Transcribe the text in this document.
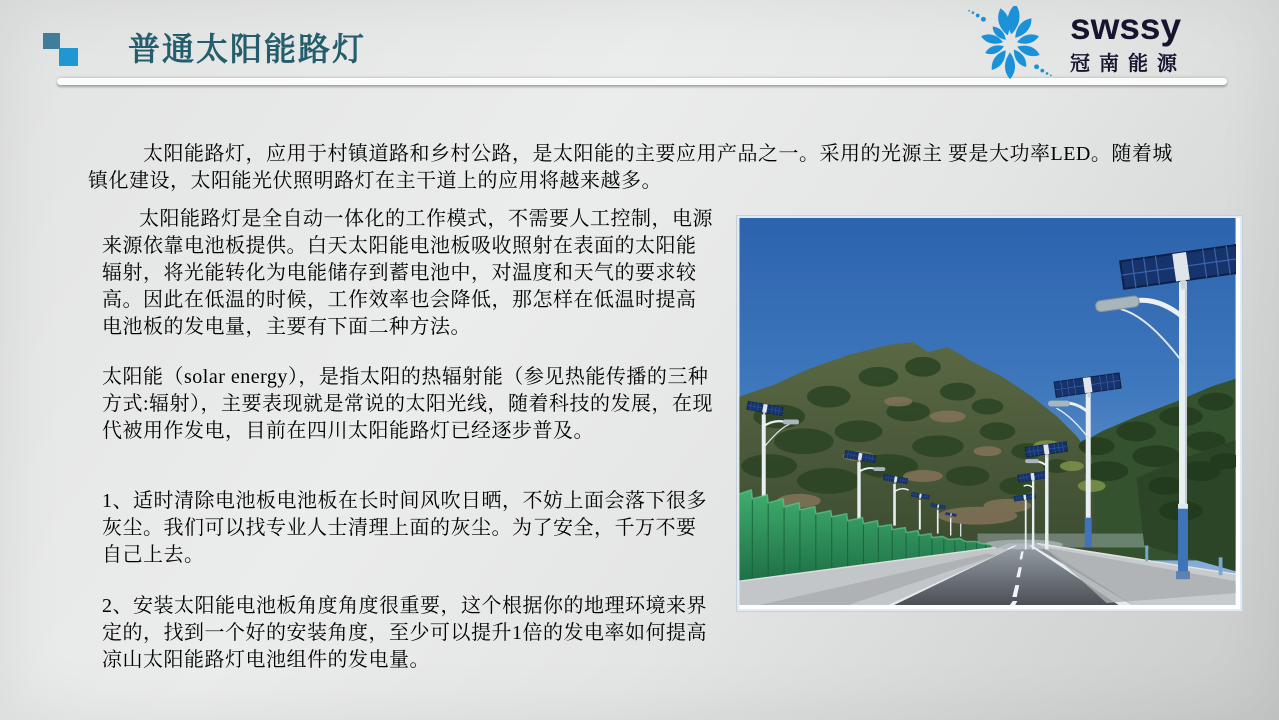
普通太阳能路灯
swssy
冠南能源
太阳能路灯，应用于村镇道路和乡村公路，是太阳能的主要应用产品之一。采用的光源主 要是大功率LED。随着城镇化建设，太阳能光伏照明路灯在主干道上的应用将越来越多。
太阳能路灯是全自动一体化的工作模式，不需要人工控制，电源来源依靠电池板提供。白天太阳能电池板吸收照射在表面的太阳能辐射，将光能转化为电能储存到蓄电池中，对温度和天气的要求较高。因此在低温的时候，工作效率也会降低，那怎样在低温时提高电池板的发电量，主要有下面二种方法。
太阳能（solar energy），是指太阳的热辐射能（参见热能传播的三种方式:辐射），主要表现就是常说的太阳光线，随着科技的发展，在现代被用作发电，目前在四川太阳能路灯已经逐步普及。
1、适时清除电池板电池板在长时间风吹日晒，不妨上面会落下很多灰尘。我们可以找专业人士清理上面的灰尘。为了安全，千万不要自己上去。
2、安装太阳能电池板角度角度很重要，这个根据你的地理环境来界定的，找到一个好的安装角度，至少可以提升1倍的发电率如何提高凉山太阳能路灯电池组件的发电量。
